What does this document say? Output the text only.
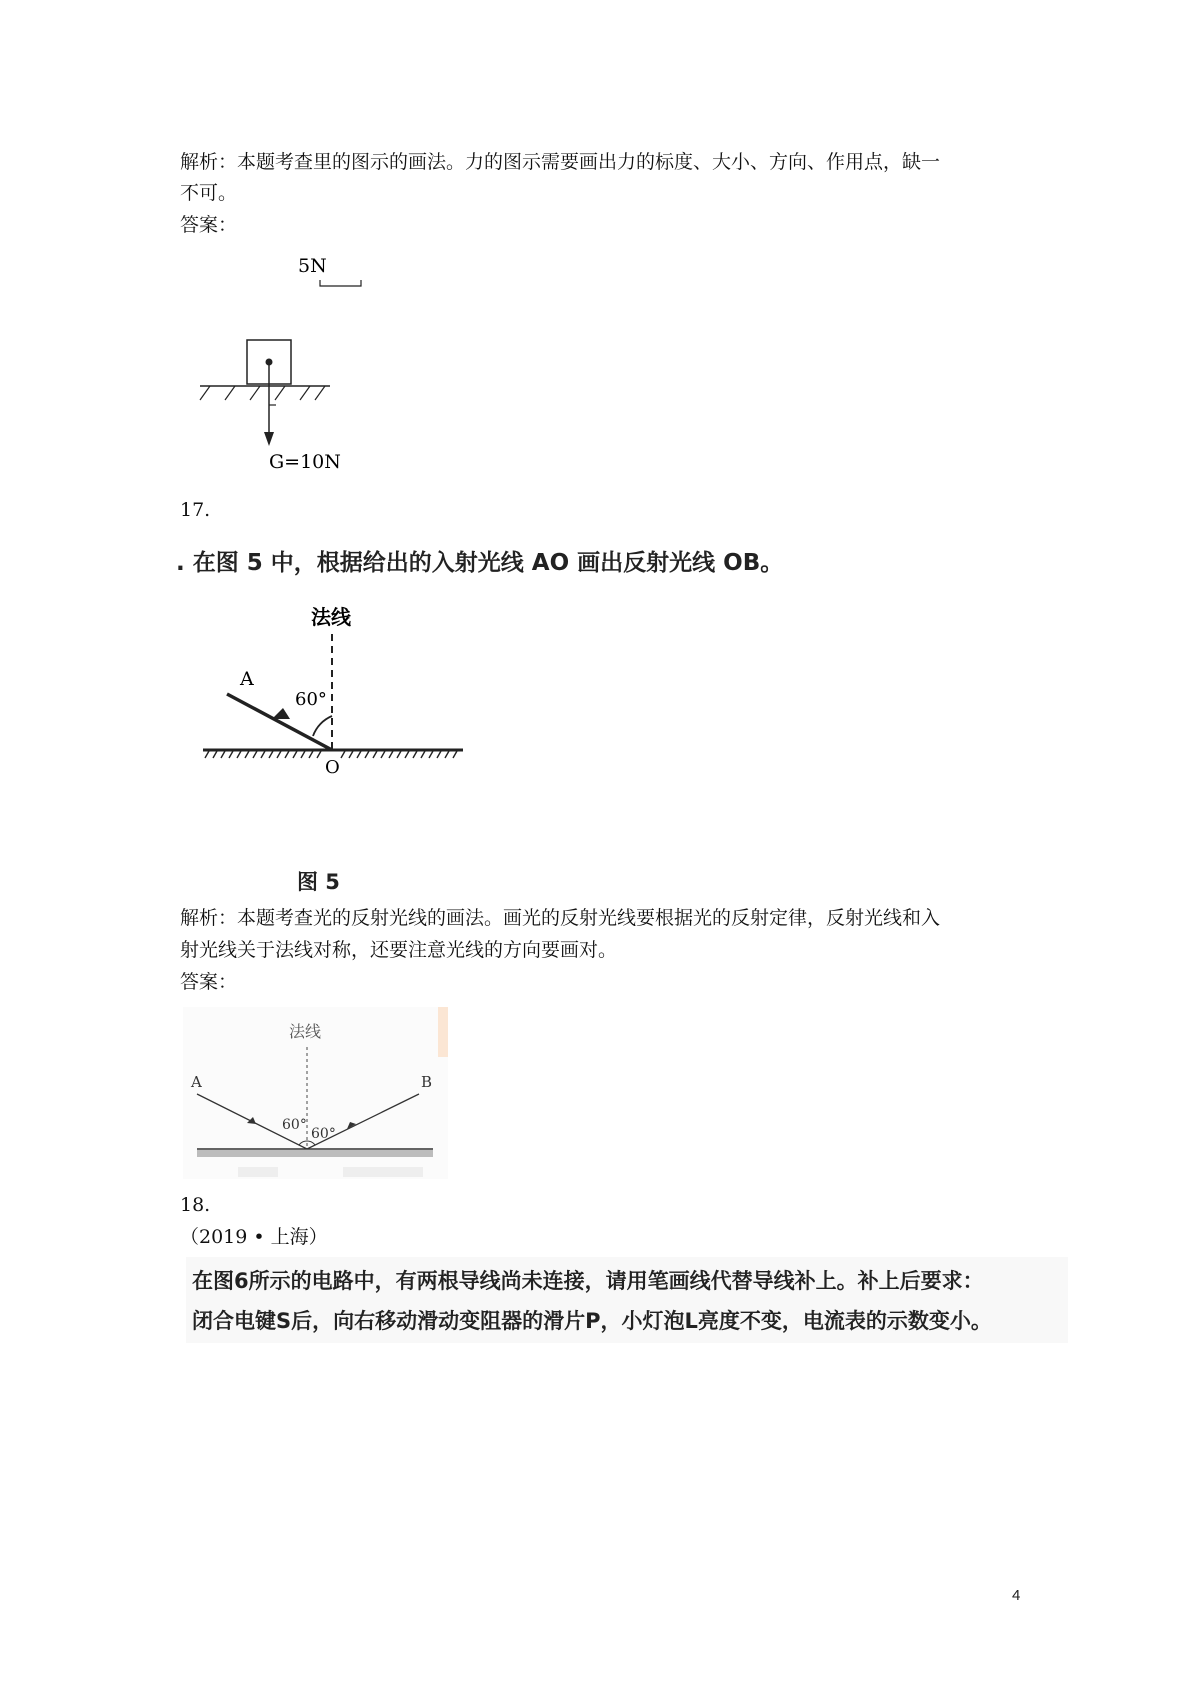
解析：本题考查里的图示的画法。力的图示需要画出力的标度、大小、方向、作用点，缺一
不可。
答案：
5N
G=10N
17.
. 在图 5 中，根据给出的入射光线 AO 画出反射光线 OB。
法线
A
60°
O
图 5
解析：本题考查光的反射光线的画法。画光的反射光线要根据光的反射定律，反射光线和入
射光线关于法线对称，还要注意光线的方向要画对。
答案：
法线
A	B
60°
60°
18.
（2019 • 上海）
在图6所示的电路中，有两根导线尚未连接，请用笔画线代替导线补上。补上后要求：
闭合电键S后，向右移动滑动变阻器的滑片P，小灯泡L亮度不变，电流表的示数变小。
4
